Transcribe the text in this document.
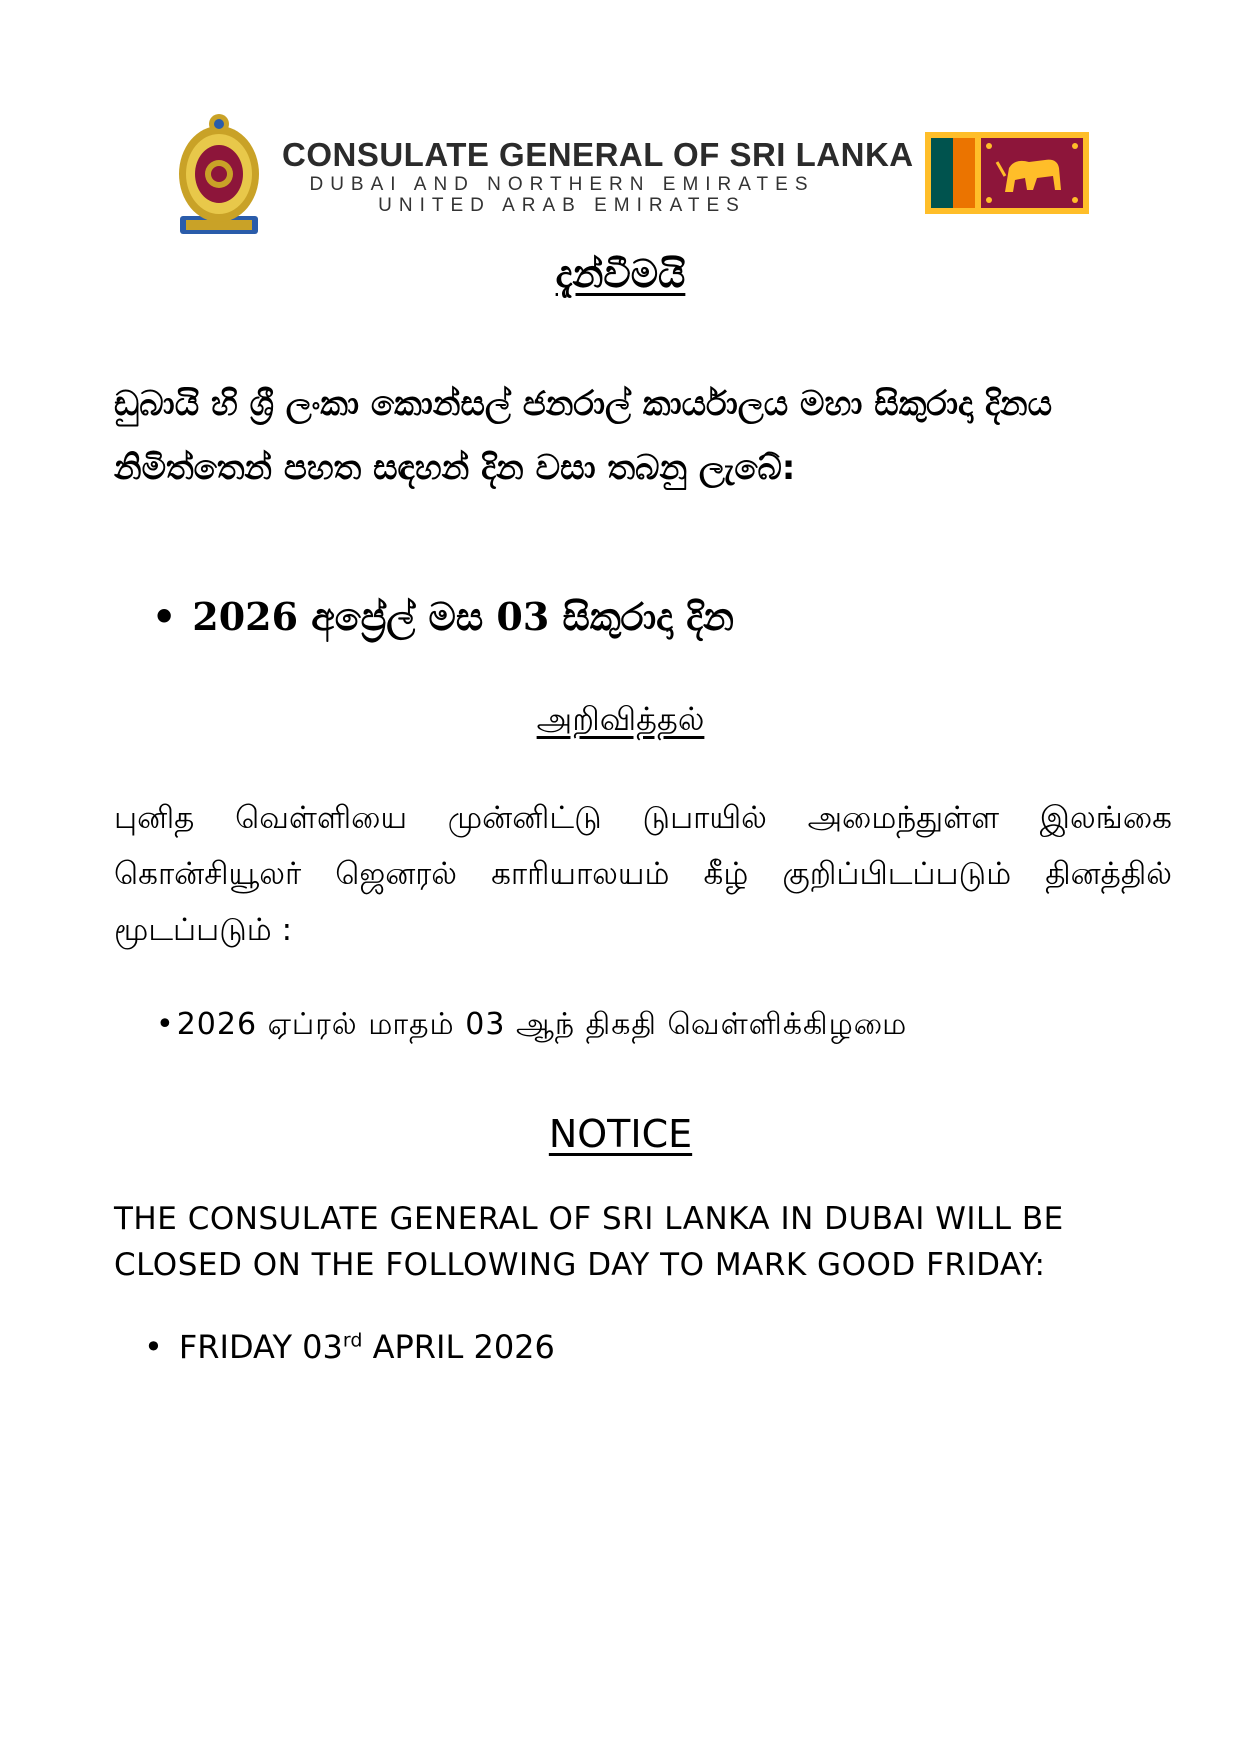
CONSULATE GENERAL OF SRI LANKA
DUBAI AND NORTHERN EMIRATES
UNITED ARAB EMIRATES
දැන්වීමයි
ඩුබායි හි ශ්‍රී ලංකා කොන්සල් ජනරාල් කාර්යාලය මහා සිකුරාදා දිනය නිමිත්තෙන් පහත සඳහන් දින වසා තබනු ලැබේ:
• 2026 අප්‍රේල් මස 03 සිකුරාදා දින
அறிவித்தல்
புனித வெள்ளியை முன்னிட்டு டுபாயில் அமைந்துள்ள இலங்கை கொன்சியூலர் ஜெனரல் காரியாலயம் கீழ் குறிப்பிடப்படும் தினத்தில் மூடப்படும் :
•2026 ஏப்ரல் மாதம் 03 ஆந் திகதி வெள்ளிக்கிழமை
NOTICE
THE CONSULATE GENERAL OF SRI LANKA IN DUBAI WILL BE CLOSED ON THE FOLLOWING DAY TO MARK GOOD FRIDAY:
• FRIDAY 03rd APRIL 2026
